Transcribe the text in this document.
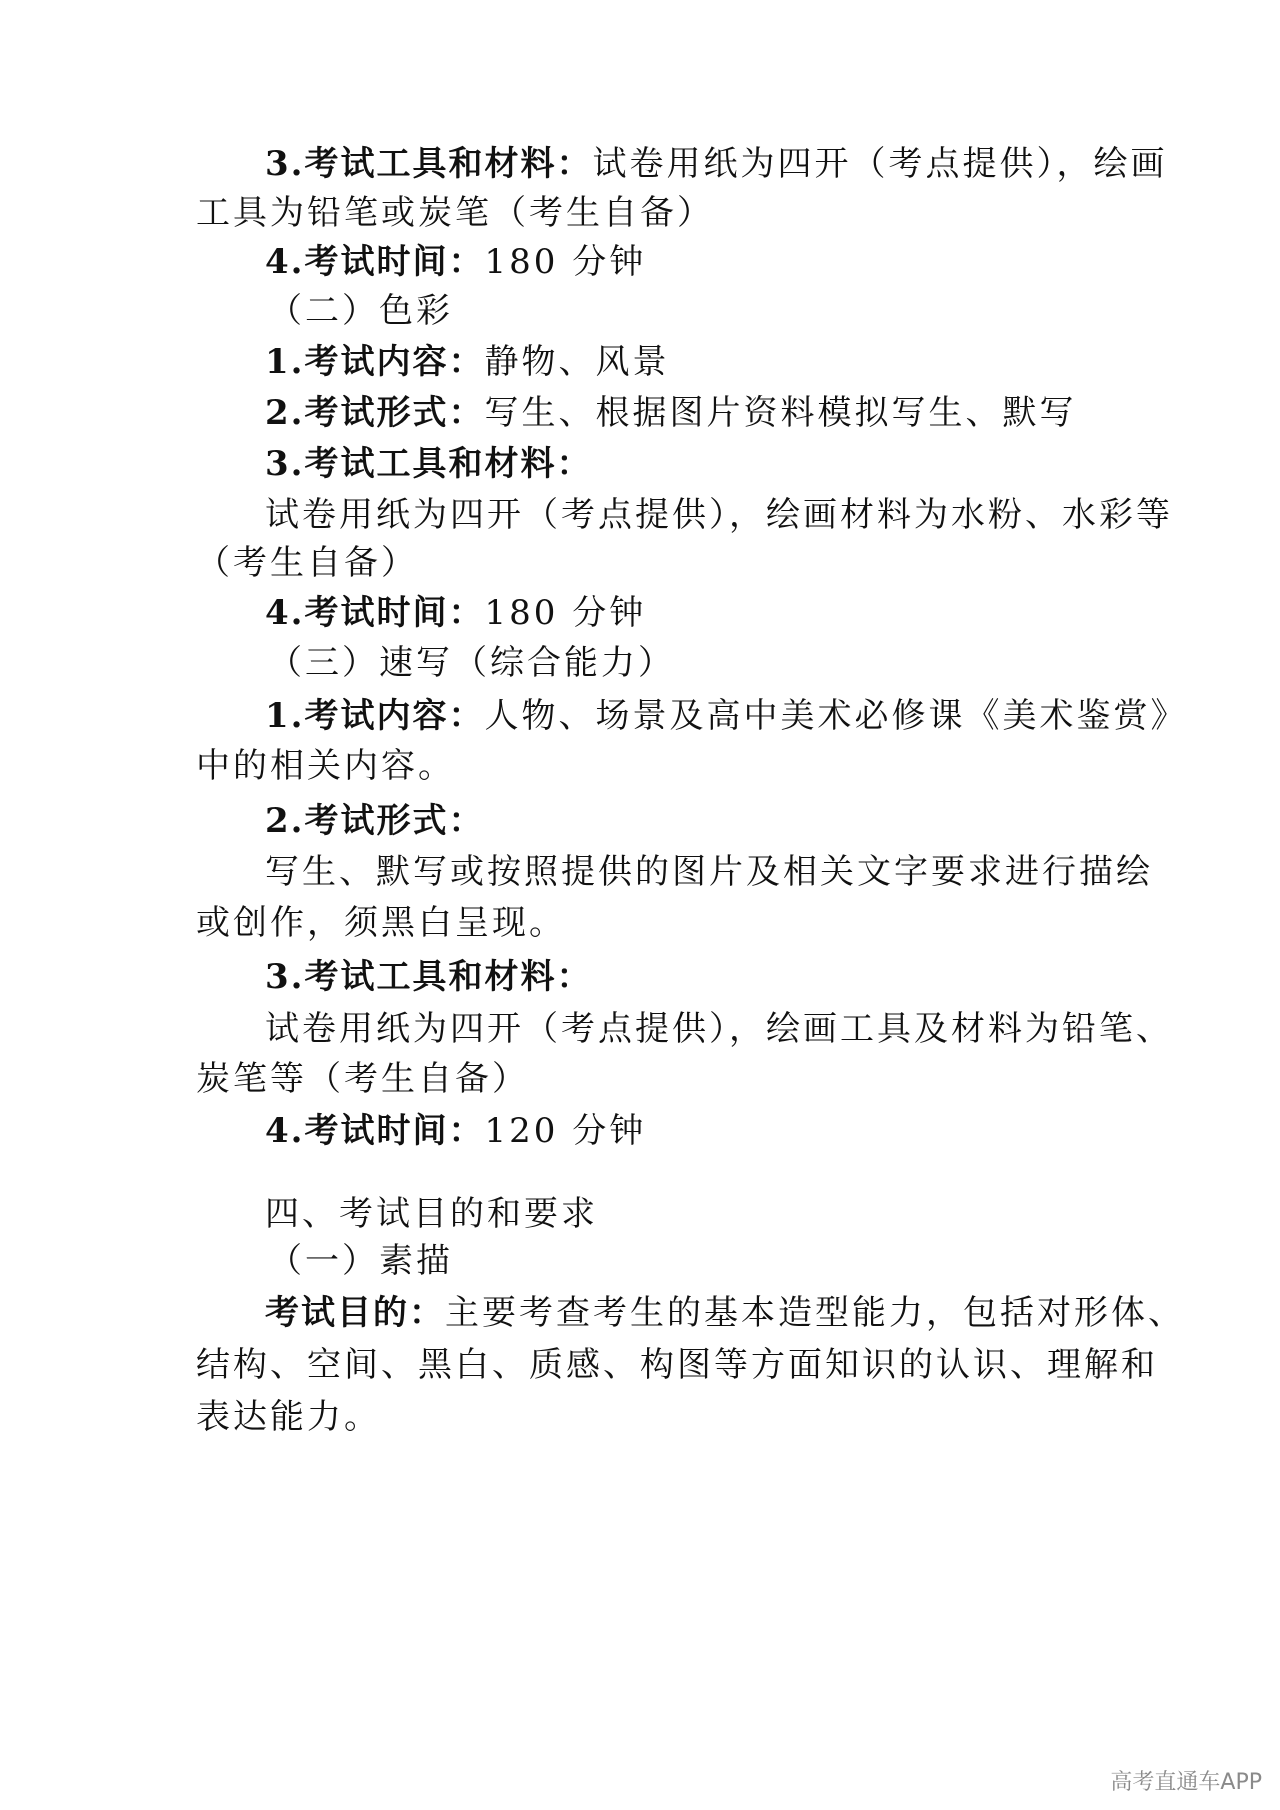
3.考试工具和材料：试卷用纸为四开（考点提供），绘画
工具为铅笔或炭笔（考生自备）
4.考试时间：180 分钟
（二）色彩
1.考试内容：静物、风景
2.考试形式：写生、根据图片资料模拟写生、默写
3.考试工具和材料：
试卷用纸为四开（考点提供），绘画材料为水粉、水彩等
（考生自备）
4.考试时间：180 分钟
（三）速写（综合能力）
1.考试内容：人物、场景及高中美术必修课《美术鉴赏》
中的相关内容。
2.考试形式：
写生、默写或按照提供的图片及相关文字要求进行描绘
或创作，须黑白呈现。
3.考试工具和材料：
试卷用纸为四开（考点提供），绘画工具及材料为铅笔、
炭笔等（考生自备）
4.考试时间：120 分钟
四、考试目的和要求
（一）素描
考试目的：主要考查考生的基本造型能力，包括对形体、
结构、空间、黑白、质感、构图等方面知识的认识、理解和
表达能力。
高考直通车APP
